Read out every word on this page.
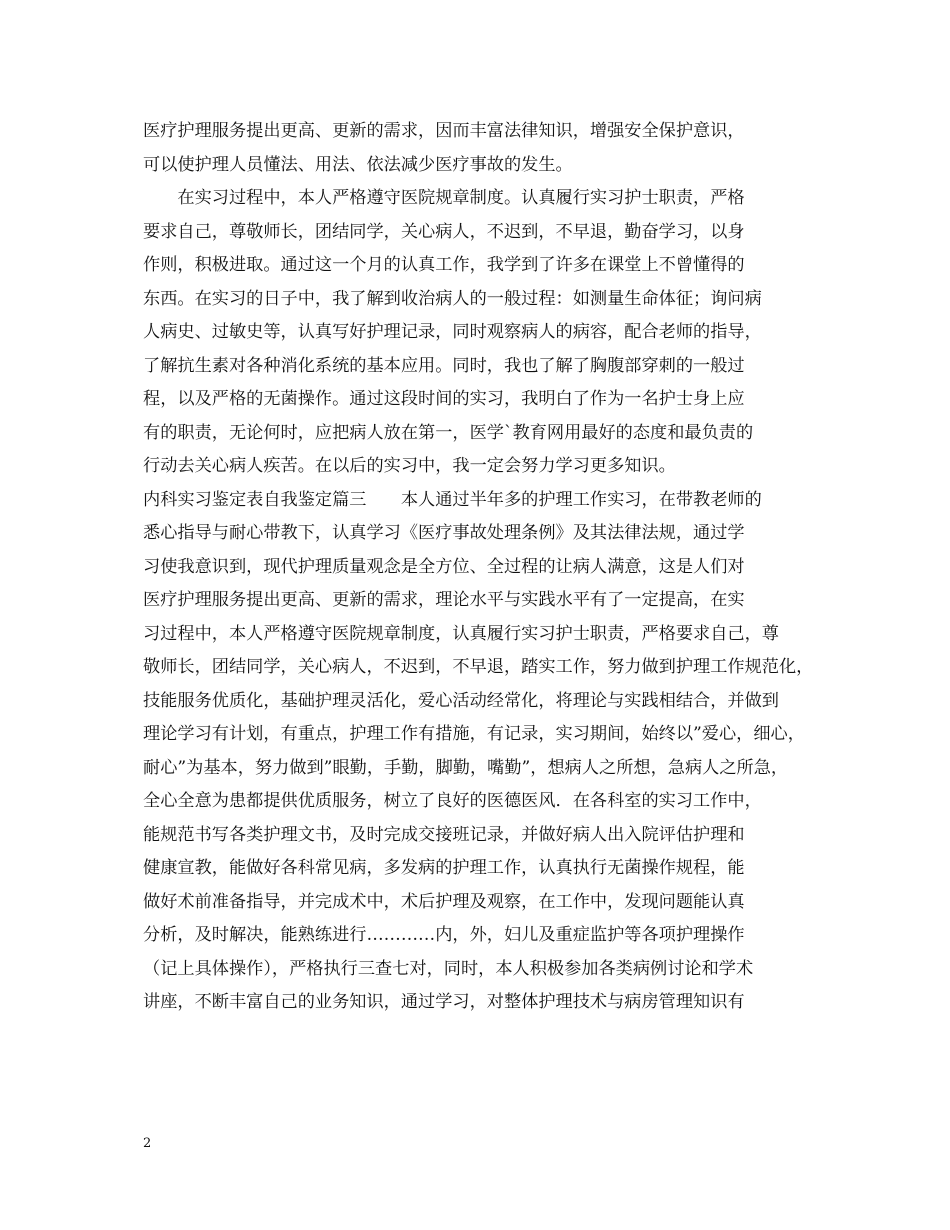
医疗护理服务提出更高、更新的需求，因而丰富法律知识，增强安全保护意识，
可以使护理人员懂法、用法、依法减少医疗事故的发生。
　　在实习过程中，本人严格遵守医院规章制度。认真履行实习护士职责，严格
要求自己，尊敬师长，团结同学，关心病人，不迟到，不早退，勤奋学习，以身
作则，积极进取。通过这一个月的认真工作，我学到了许多在课堂上不曾懂得的
东西。在实习的日子中，我了解到收治病人的一般过程：如测量生命体征；询问病
人病史、过敏史等，认真写好护理记录，同时观察病人的病容，配合老师的指导，
了解抗生素对各种消化系统的基本应用。同时，我也了解了胸腹部穿刺的一般过
程，以及严格的无菌操作。通过这段时间的实习，我明白了作为一名护士身上应
有的职责，无论何时，应把病人放在第一，医学`教育网用最好的态度和最负责的
行动去关心病人疾苦。在以后的实习中，我一定会努力学习更多知识。
内科实习鉴定表自我鉴定篇三　　本人通过半年多的护理工作实习，在带教老师的
悉心指导与耐心带教下，认真学习《医疗事故处理条例》及其法律法规，通过学
习使我意识到，现代护理质量观念是全方位、全过程的让病人满意，这是人们对
医疗护理服务提出更高、更新的需求，理论水平与实践水平有了一定提高，在实
习过程中，本人严格遵守医院规章制度，认真履行实习护士职责，严格要求自己，尊
敬师长，团结同学，关心病人，不迟到，不早退，踏实工作，努力做到护理工作规范化，
技能服务优质化，基础护理灵活化，爱心活动经常化，将理论与实践相结合，并做到
理论学习有计划，有重点，护理工作有措施，有记录，实习期间，始终以”爱心，细心，
耐心”为基本，努力做到”眼勤，手勤，脚勤，嘴勤”，想病人之所想，急病人之所急，
全心全意为患都提供优质服务，树立了良好的医德医风．在各科室的实习工作中，
能规范书写各类护理文书，及时完成交接班记录，并做好病人出入院评估护理和
健康宣教，能做好各科常见病，多发病的护理工作，认真执行无菌操作规程，能
做好术前准备指导，并完成术中，术后护理及观察，在工作中，发现问题能认真
分析，及时解决，能熟练进行…………内，外，妇儿及重症监护等各项护理操作
（记上具体操作），严格执行三查七对，同时，本人积极参加各类病例讨论和学术
讲座，不断丰富自己的业务知识，通过学习，对整体护理技术与病房管理知识有
2
